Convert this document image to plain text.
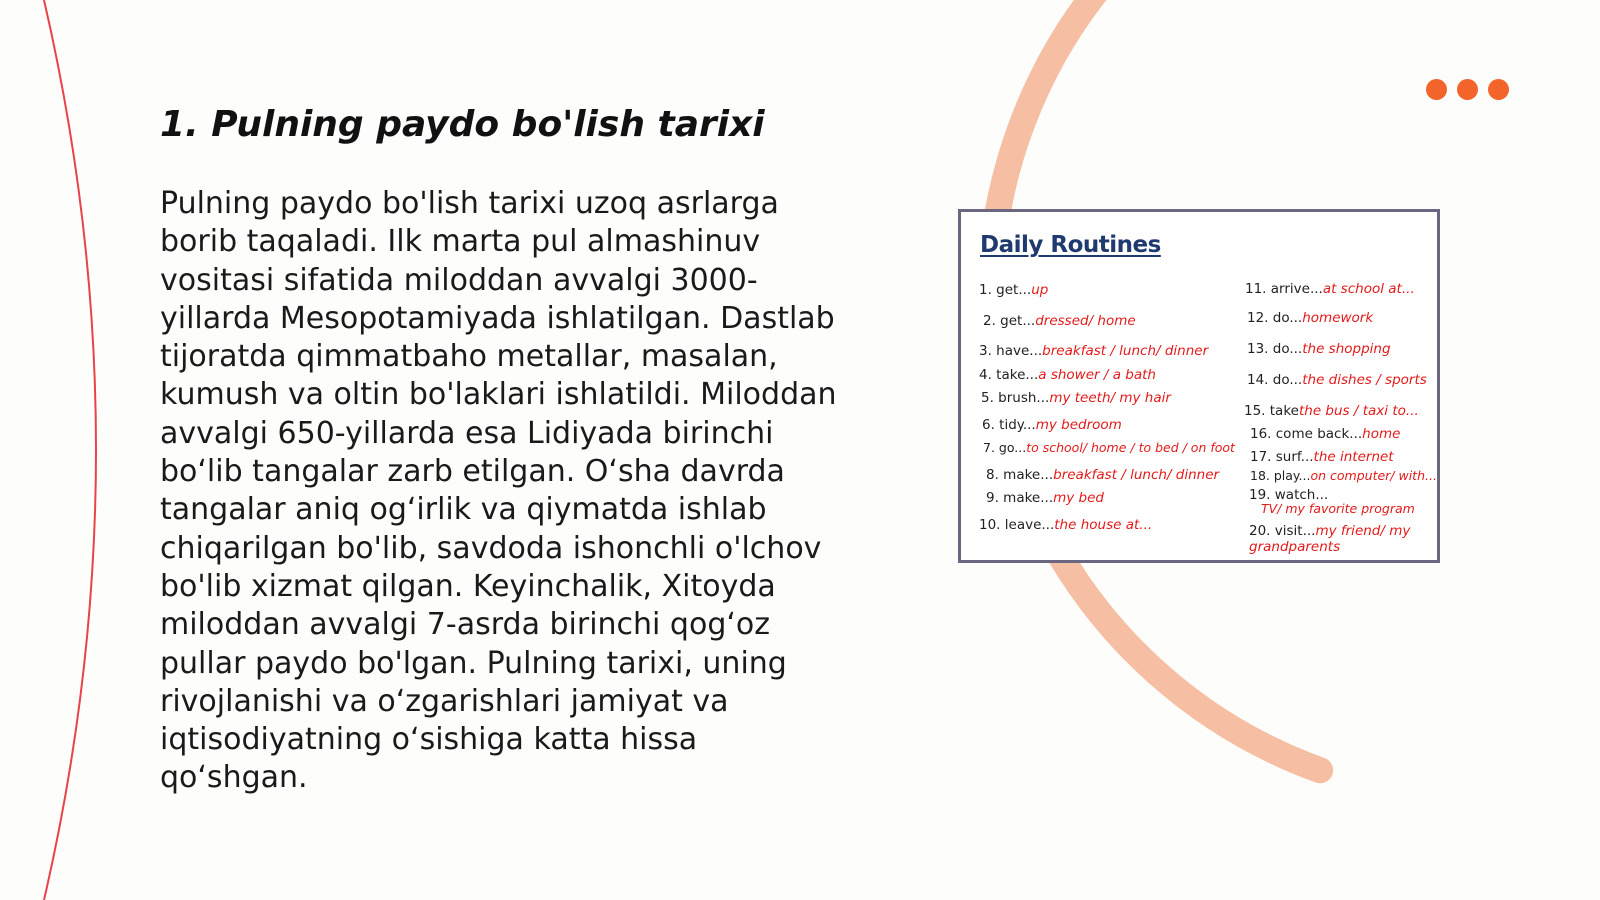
1. Pulning paydo bo'lish tarixi

Pulning paydo bo'lish tarixi uzoq asrlarga borib taqaladi. Ilk marta pul almashinuv vositasi sifatida miloddan avvalgi 3000-yillarda Mesopotamiyada ishlatilgan. Dastlab tijoratda qimmatbaho metallar, masalan, kumush va oltin bo'laklari ishlatildi. Miloddan avvalgi 650-yillarda esa Lidiyada birinchi bo‘lib tangalar zarb etilgan. O‘sha davrda tangalar aniq og‘irlik va qiymatda ishlab chiqarilgan bo'lib, savdoda ishonchli o'lchov bo'lib xizmat qilgan. Keyinchalik, Xitoyda miloddan avvalgi 7-asrda birinchi qog‘oz pullar paydo bo'lgan. Pulning tarixi, uning rivojlanishi va o‘zgarishlari jamiyat va iqtisodiyatning o‘sishiga katta hissa qo‘shgan.

Daily Routines
1. get...up
2. get...dressed/ home
3. have...breakfast / lunch/ dinner
4. take...a shower / a bath
5. brush...my teeth/ my hair
6. tidy...my bedroom
7. go...to school/ home / to bed / on foot
8. make...breakfast / lunch/ dinner
9. make...my bed
10. leave...the house at...
11. arrive...at school at...
12. do...homework
13. do...the shopping
14. do...the dishes / sports
15. takethe bus / taxi to...
16. come back...home
17. surf...the internet
18. play...on computer/ with...
19. watch...
TV/ my favorite program
20. visit...my friend/ my grandparents
